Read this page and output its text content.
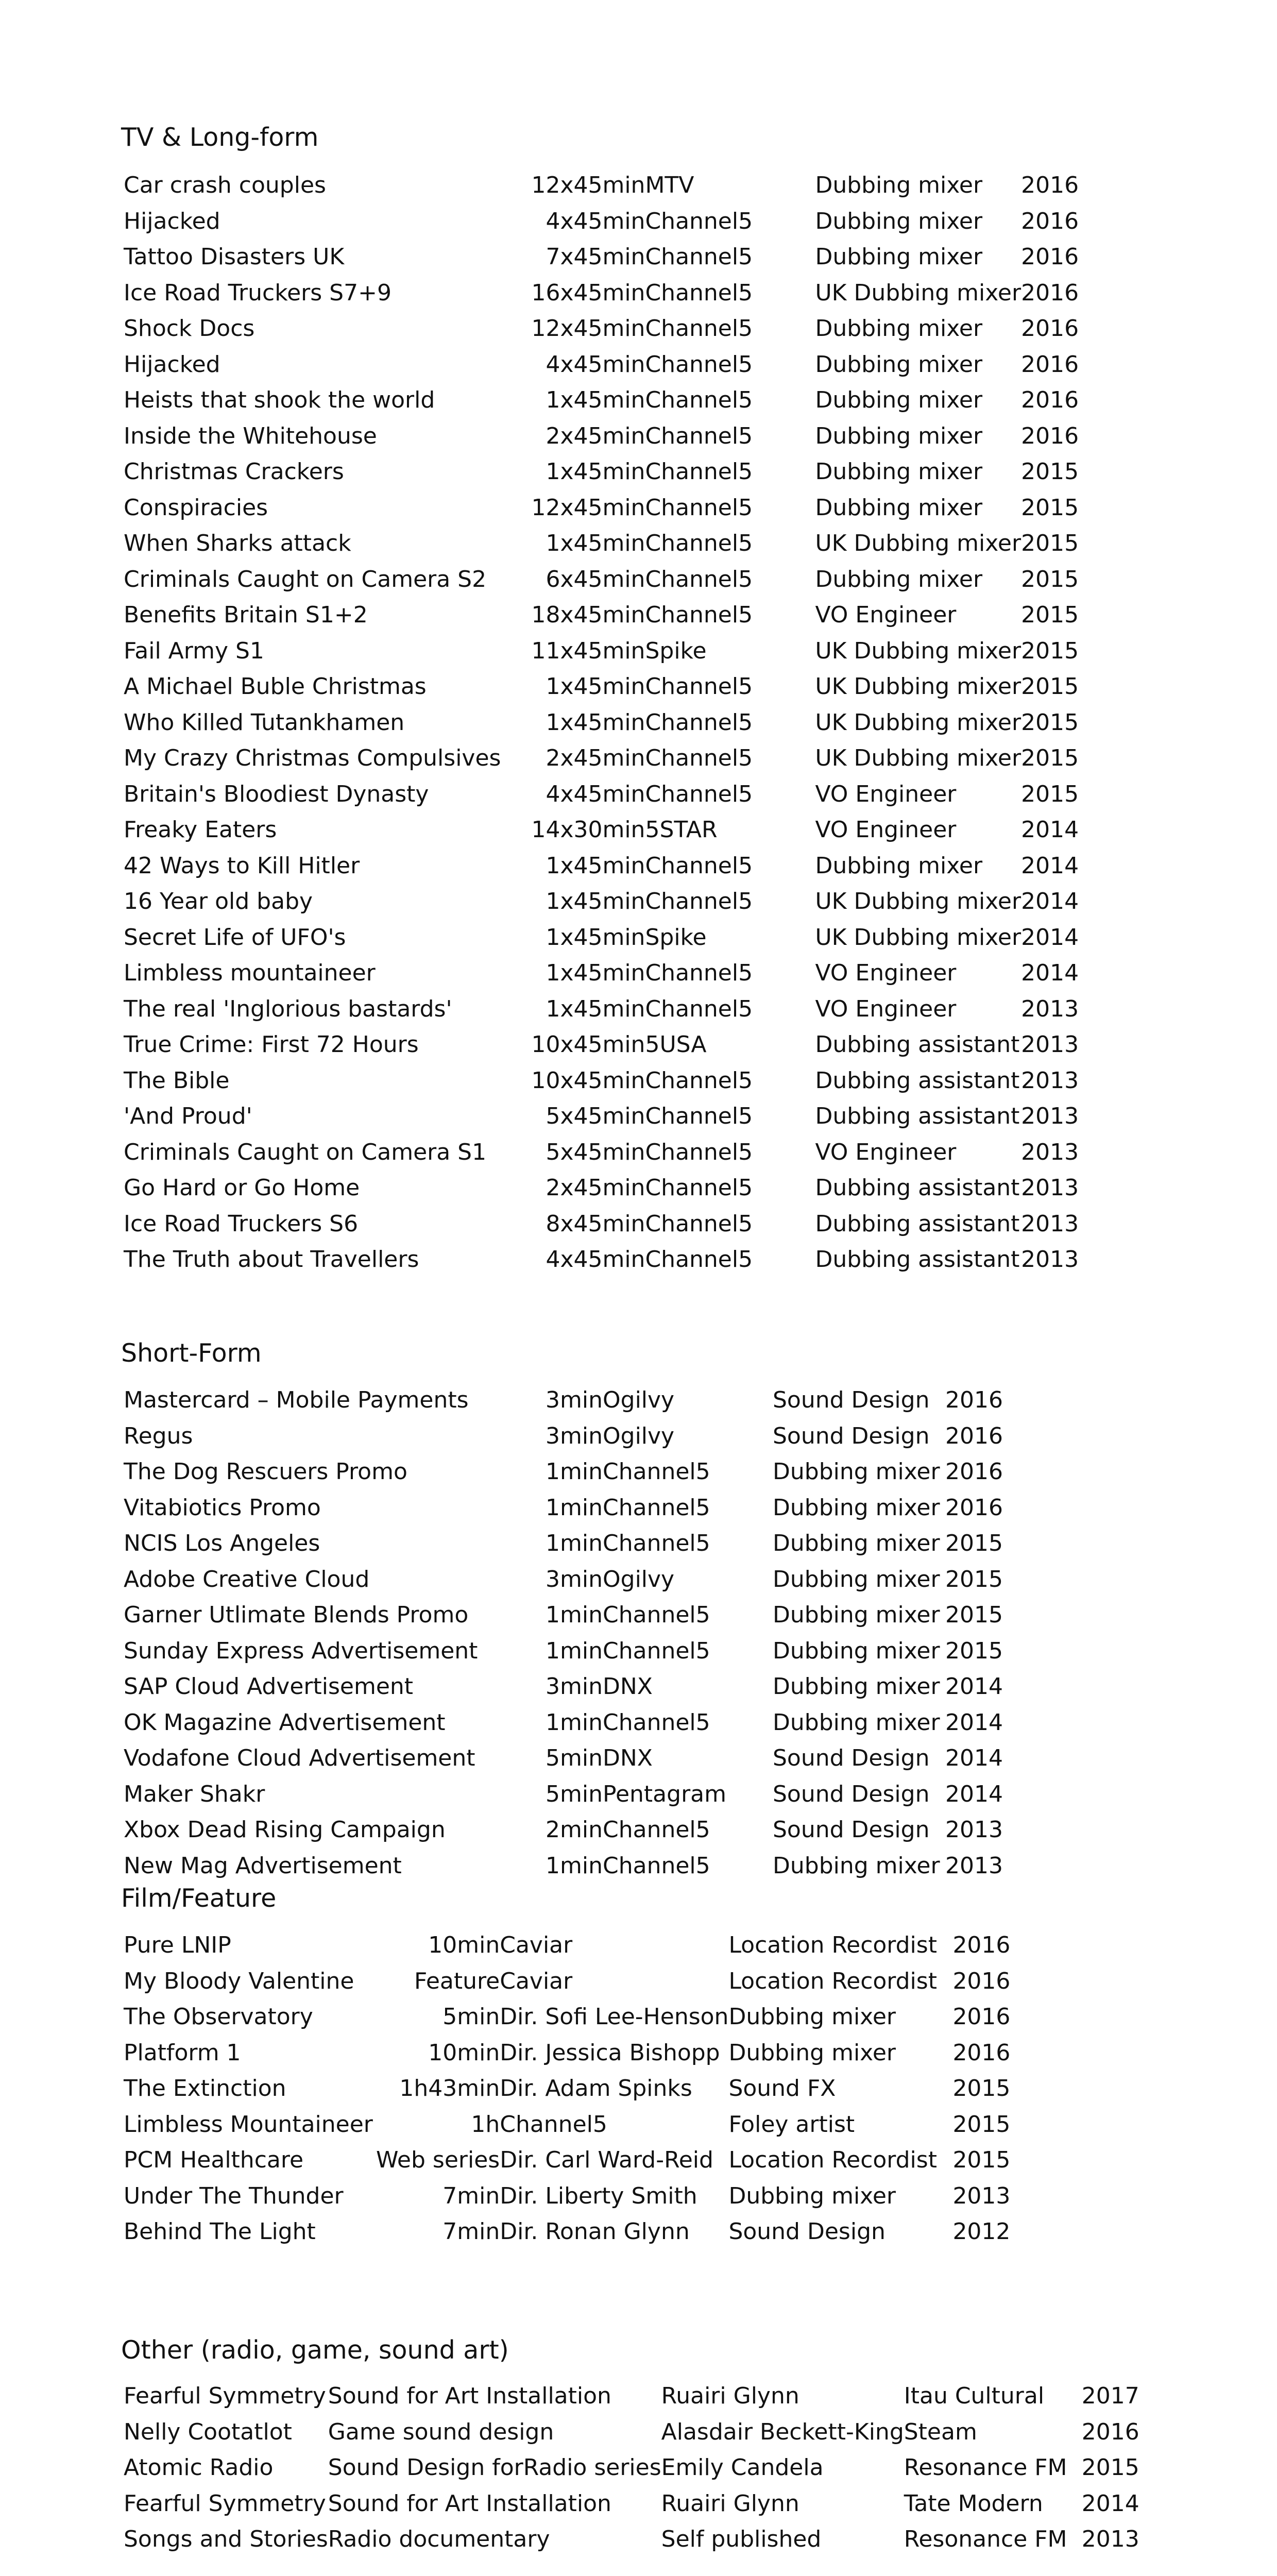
TV & Long-form
	Car crash couples	12x45min	MTV	Dubbing mixer	2016
	Hijacked	4x45min	Channel5	Dubbing mixer	2016
	Tattoo Disasters UK	7x45min	Channel5	Dubbing mixer	2016
	Ice Road Truckers S7+9	16x45min	Channel5	UK Dubbing mixer	2016
	Shock Docs	12x45min	Channel5	Dubbing mixer	2016
	Hijacked	4x45min	Channel5	Dubbing mixer	2016
	Heists that shook the world	1x45min	Channel5	Dubbing mixer	2016
	Inside the Whitehouse	2x45min	Channel5	Dubbing mixer	2016
	Christmas Crackers	1x45min	Channel5	Dubbing mixer	2015
	Conspiracies	12x45min	Channel5	Dubbing mixer	2015
	When Sharks attack	1x45min	Channel5	UK Dubbing mixer	2015
	Criminals Caught on Camera S2	6x45min	Channel5	Dubbing mixer	2015
	Benefits Britain S1+2	18x45min	Channel5	VO Engineer	2015
	Fail Army S1	11x45min	Spike	UK Dubbing mixer	2015
	A Michael Buble Christmas	1x45min	Channel5	UK Dubbing mixer	2015
	Who Killed Tutankhamen	1x45min	Channel5	UK Dubbing mixer	2015
	My Crazy Christmas Compulsives	2x45min	Channel5	UK Dubbing mixer	2015
	Britain's Bloodiest Dynasty	4x45min	Channel5	VO Engineer	2015
	Freaky Eaters	14x30min	5STAR	VO Engineer	2014
	42 Ways to Kill Hitler	1x45min	Channel5	Dubbing mixer	2014
	16 Year old baby	1x45min	Channel5	UK Dubbing mixer	2014
	Secret Life of UFO's	1x45min	Spike	UK Dubbing mixer	2014
	Limbless mountaineer	1x45min	Channel5	VO Engineer	2014
	The real 'Inglorious bastards'	1x45min	Channel5	VO Engineer	2013
	True Crime: First 72 Hours	10x45min	5USA	Dubbing assistant	2013
	The Bible	10x45min	Channel5	Dubbing assistant	2013
	'And Proud'	5x45min	Channel5	Dubbing assistant	2013
	Criminals Caught on Camera S1	5x45min	Channel5	VO Engineer	2013
	Go Hard or Go Home	2x45min	Channel5	Dubbing assistant	2013
	Ice Road Truckers S6	8x45min	Channel5	Dubbing assistant	2013
	The Truth about Travellers	4x45min	Channel5	Dubbing assistant	2013
Short-Form
	Mastercard – Mobile Payments	3min	Ogilvy	Sound Design	2016
	Regus	3min	Ogilvy	Sound Design	2016
	The Dog Rescuers Promo	1min	Channel5	Dubbing mixer	2016
	Vitabiotics Promo	1min	Channel5	Dubbing mixer	2016
	NCIS Los Angeles	1min	Channel5	Dubbing mixer	2015
	Adobe Creative Cloud	3min	Ogilvy	Dubbing mixer	2015
	Garner Utlimate Blends Promo	1min	Channel5	Dubbing mixer	2015
	Sunday Express Advertisement	1min	Channel5	Dubbing mixer	2015
	SAP Cloud Advertisement	3min	DNX	Dubbing mixer	2014
	OK Magazine Advertisement	1min	Channel5	Dubbing mixer	2014
	Vodafone Cloud Advertisement	5min	DNX	Sound Design	2014
	Maker Shakr	5min	Pentagram	Sound Design	2014
	Xbox Dead Rising Campaign	2min	Channel5	Sound Design	2013
	New Mag Advertisement	1min	Channel5	Dubbing mixer	2013
Film/Feature
	Pure LNIP	10min	Caviar	Location Recordist	2016
	My Bloody Valentine	Feature	Caviar	Location Recordist	2016
	The Observatory	5min	Dir. Sofi Lee-Henson	Dubbing mixer	2016
	Platform 1	10min	Dir. Jessica Bishopp	Dubbing mixer	2016
	The Extinction	1h43min	Dir. Adam Spinks	Sound FX	2015
	Limbless Mountaineer	1h	Channel5	Foley artist	2015
	PCM Healthcare	Web series	Dir. Carl Ward-Reid	Location Recordist	2015
	Under The Thunder	7min	Dir. Liberty Smith	Dubbing mixer	2013
	Behind The Light	7min	Dir. Ronan Glynn	Sound Design	2012
Other (radio, game, sound art)
	Fearful Symmetry	Sound for Art Installation	Ruairi Glynn	Itau Cultural	2017
	Nelly Cootatlot	Game sound design	Alasdair Beckett-King	Steam	2016
	Atomic Radio	Sound Design forRadio series	Emily Candela	Resonance FM	2015
	Fearful Symmetry	Sound for Art Installation	Ruairi Glynn	Tate Modern	2014
	Songs and Stories	Radio documentary	Self published	Resonance FM	2013
